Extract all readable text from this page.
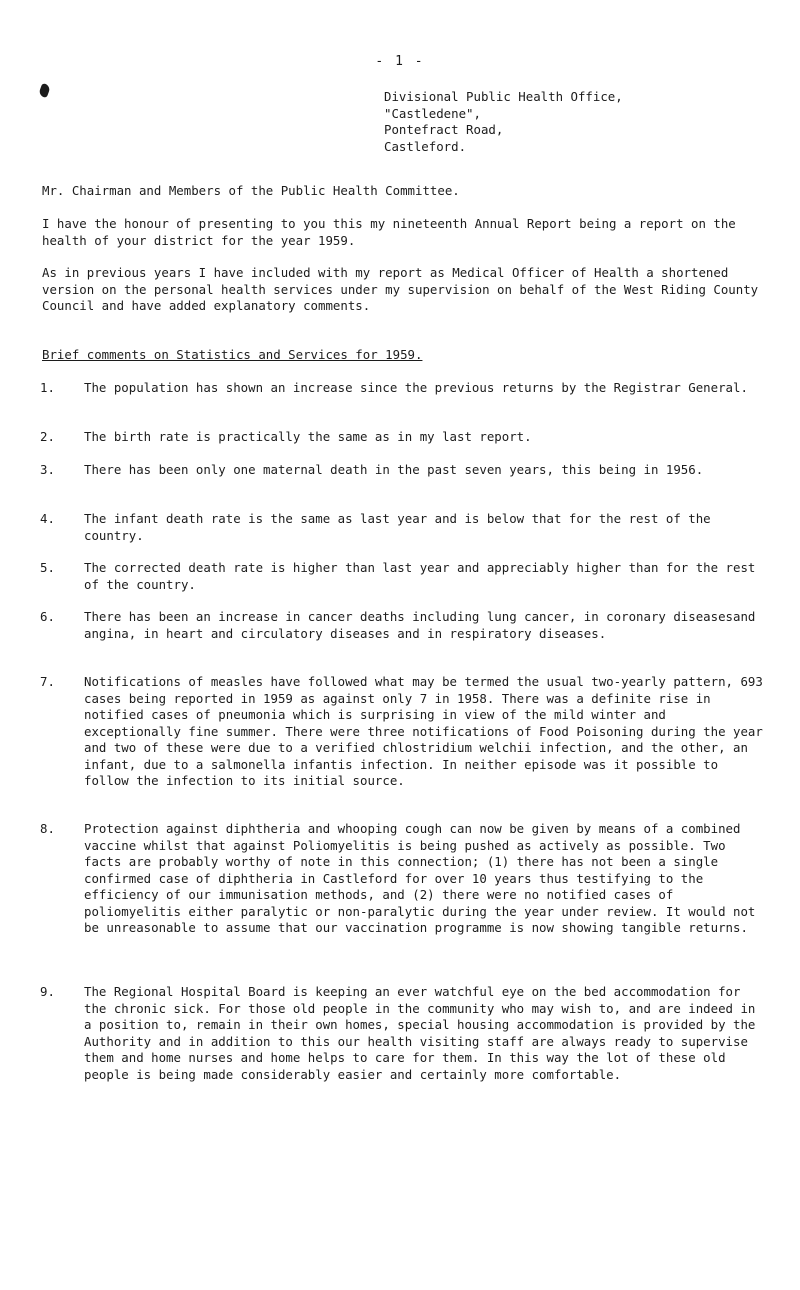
- 1 -
Divisional Public Health Office,
"Castledene",
Pontefract Road,
Castleford.
Mr. Chairman and Members of the Public Health Committee.
I have the honour of presenting to you this my nineteenth Annual Report being a report on the health of your district for the year 1959.
As in previous years I have included with my report as Medical Officer of Health a shortened version on the personal health services under my supervision on behalf of the West Riding County Council and have added explanatory comments.
Brief comments on Statistics and Services for 1959.
1.	The population has shown an increase since the previous returns by the Registrar General.
2.	The birth rate is practically the same as in my last report.
3.	There has been only one maternal death in the past seven years, this being in 1956.
4.	The infant death rate is the same as last year and is below that for the rest of the country.
5.	The corrected death rate is higher than last year and appreciably higher than for the rest of the country.
6.	There has been an increase in cancer deaths including lung cancer, in coronary diseasesand angina, in heart and circulatory diseases and in respiratory diseases.
7.	Notifications of measles have followed what may be termed the usual two-yearly pattern, 693 cases being reported in 1959 as against only 7 in 1958. There was a definite rise in notified cases of pneumonia which is surprising in view of the mild winter and exceptionally fine summer. There were three notifications of Food Poisoning during the year and two of these were due to a verified chlostridium welchii infection, and the other, an infant, due to a salmonella infantis infection. In neither episode was it possible to follow the infection to its initial source.
8.	Protection against diphtheria and whooping cough can now be given by means of a combined vaccine whilst that against Poliomyelitis is being pushed as actively as possible. Two facts are probably worthy of note in this connection; (1) there has not been a single confirmed case of diphtheria in Castleford for over 10 years thus testifying to the efficiency of our immunisation methods, and (2) there were no notified cases of poliomyelitis either paralytic or non-paralytic during the year under review. It would not be unreasonable to assume that our vaccination programme is now showing tangible returns.
9.	The Regional Hospital Board is keeping an ever watchful eye on the bed accommodation for the chronic sick. For those old people in the community who may wish to, and are indeed in a position to, remain in their own homes, special housing accommodation is provided by the Authority and in addition to this our health visiting staff are always ready to supervise them and home nurses and home helps to care for them. In this way the lot of these old people is being made considerably easier and certainly more comfortable.
